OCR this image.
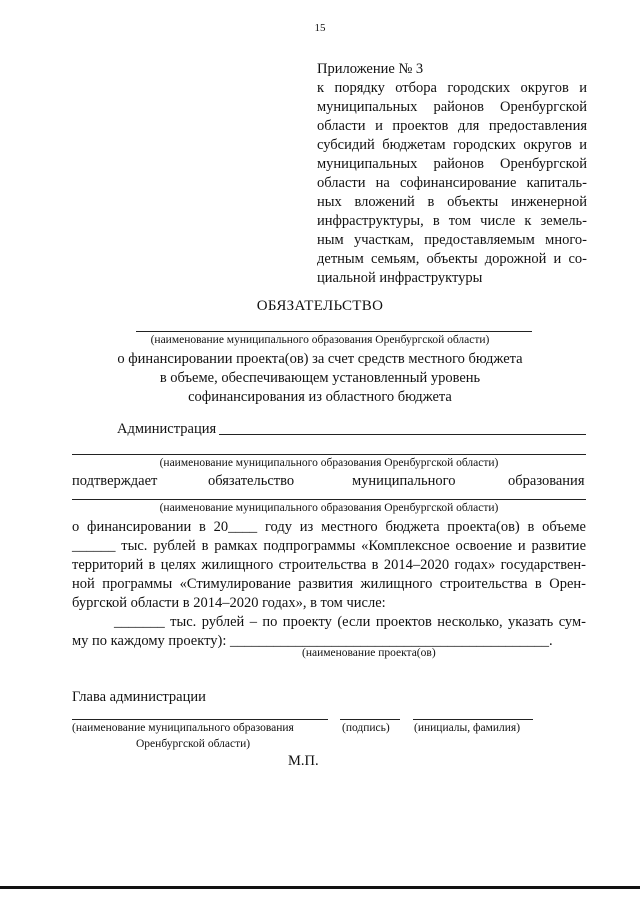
15
Приложение № 3
к порядку отбора городских округов и
муниципальных районов Оренбургской
области и проектов для предоставления
субсидий бюджетам городских округов и
муниципальных районов Оренбургской
области на софинансирование капиталь-
ных вложений в объекты инженерной
инфраструктуры, в том числе к земель-
ным участкам, предоставляемым много-
детным семьям, объекты дорожной и со-
циальной инфраструктуры
ОБЯЗАТЕЛЬСТВО
(наименование муниципального образования Оренбургской области)
о финансировании проекта(ов) за счет средств местного бюджета
в объеме, обеспечивающем установленный уровень
софинансирования из областного бюджета
Администрация
(наименование муниципального образования Оренбургской области)
подтверждает	обязательство	муниципального	образования
(наименование муниципального образования Оренбургской области)
о финансировании в 20____ году из местного бюджета проекта(ов) в объеме
______ тыс. рублей в рамках подпрограммы «Комплексное освоение и развитие
территорий в целях жилищного строительства в 2014–2020 годах» государствен-
ной программы «Стимулирование развития жилищного строительства в Орен-
бургской области в 2014–2020 годах», в том числе:
_______ тыс. рублей – по проекту (если проектов несколько, указать сум-
му по каждому проекту): ____________________________________________.
(наименование проекта(ов)
Глава администрации
(наименование муниципального образования
Оренбургской области)
(подпись) (инициалы, фамилия)
М.П.
